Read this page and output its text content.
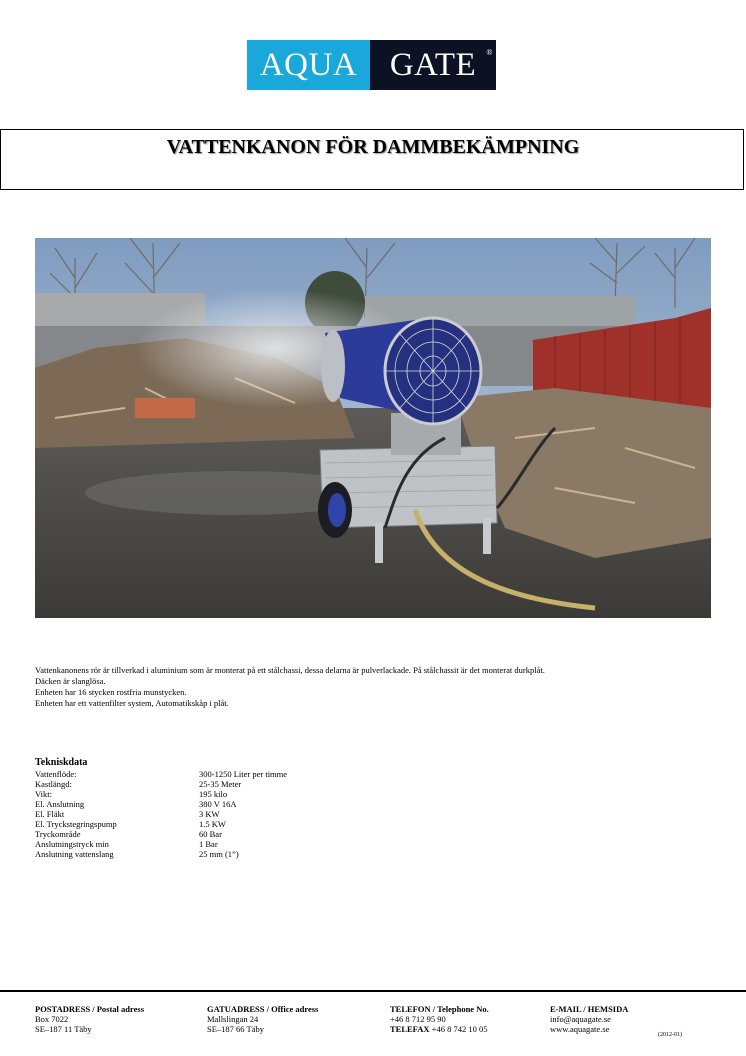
AQUA GATE ®
VATTENKANON FÖR DAMMBEKÄMPNING
Vattenkanonens rör är tillverkad i aluminium som är monterat på ett stålchassi, dessa delarna är pulverlackade. På stålchassit är det monterat durkplåt.
Däcken är slanglösa.
Enheten har 16 stycken rostfria munstycken.
Enheten har ett vattenfilter system, Automatikskåp i plåt.
Tekniskdata
Vattenflöde:	300-1250 Liter per timme
Kastlängd:	25-35 Meter
Vikt:	195 kilo
El. Anslutning	380 V 16A
El. Fläkt	3 KW
El. Tryckstegringspump	1.5 KW
Tryckområde	60 Bar
Anslutningstryck min	1 Bar
Anslutning vattenslang	25 mm (1”)
POSTADRESS / Postal adress
Box 7022
SE–187 11 Täby
GATUADRESS / Office adress
Mallslingan 24
SE–187 66 Täby
TELEFON / Telephone No.
+46 8 712 95 90
TELEFAX +46 8 742 10 05
E-MAIL / HEMSIDA
info@aquagate.se
www.aquagate.se
(2012-01)
